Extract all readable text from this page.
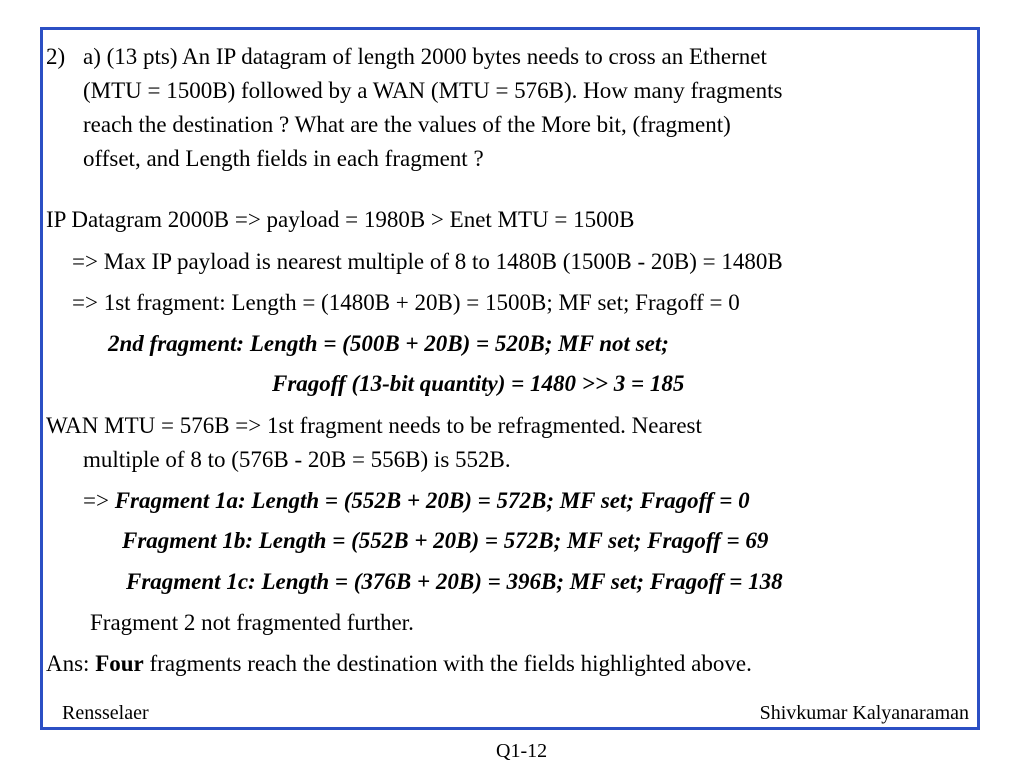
2) a) (13 pts) An IP datagram of length 2000 bytes needs to cross an Ethernet
(MTU = 1500B) followed by a WAN (MTU = 576B). How many fragments
reach the destination ? What are the values of the More bit, (fragment)
offset, and Length fields in each fragment ?
IP Datagram 2000B => payload = 1980B > Enet MTU = 1500B
=> Max IP payload is nearest multiple of 8 to 1480B (1500B - 20B) = 1480B
=> 1st fragment: Length = (1480B + 20B) = 1500B; MF set; Fragoff = 0
2nd fragment: Length = (500B + 20B) = 520B; MF not set;
Fragoff (13-bit quantity) = 1480 >> 3 = 185
WAN MTU = 576B => 1st fragment needs to be refragmented. Nearest
multiple of 8 to (576B - 20B = 556B) is 552B.
=> Fragment 1a: Length = (552B + 20B) = 572B; MF set; Fragoff = 0
Fragment 1b: Length = (552B + 20B) = 572B; MF set; Fragoff = 69
Fragment 1c: Length = (376B + 20B) = 396B; MF set; Fragoff = 138
Fragment 2 not fragmented further.
Ans: Four fragments reach the destination with the fields highlighted above.
Rensselaer	Shivkumar Kalyanaraman
Q1-12
